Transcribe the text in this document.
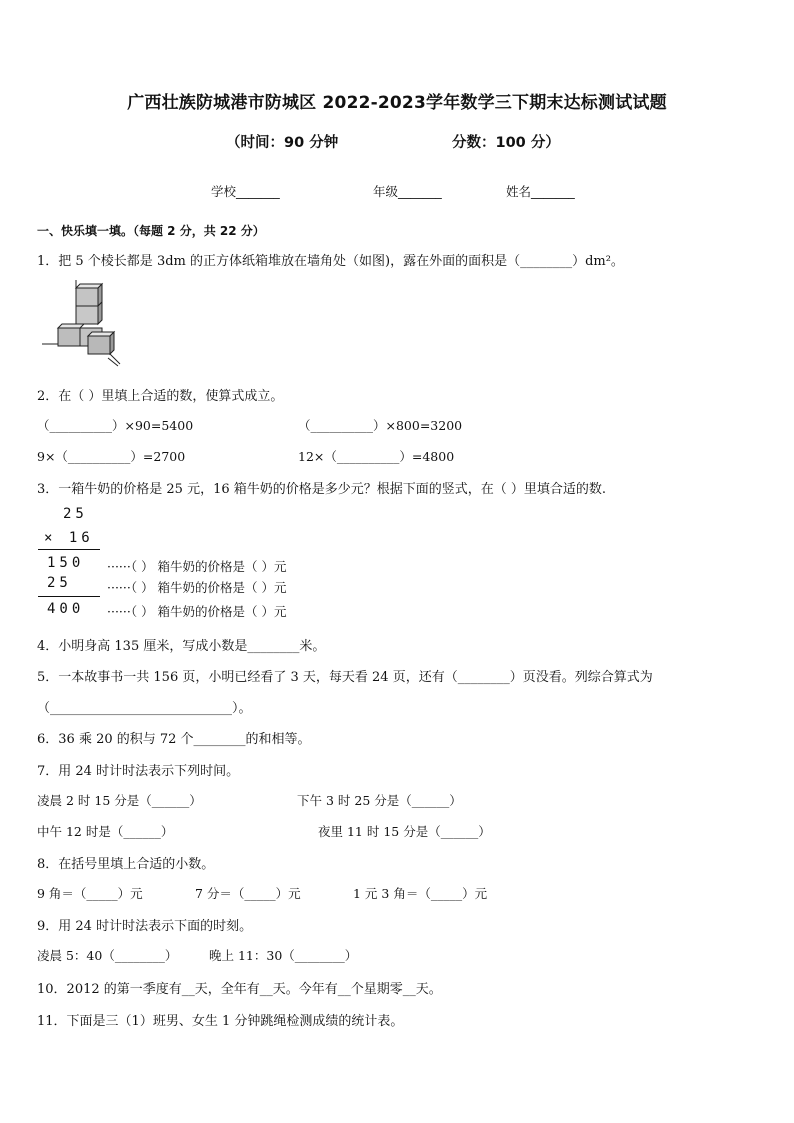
广西壮族防城港市防城区 2022-2023学年数学三下期末达标测试试题
（时间：90 分钟	分数：100 分）
学校_______	年级_______	姓名_______
一、快乐填一填。（每题 2 分，共 22 分）
1．把 5 个棱长都是 3dm 的正方体纸箱堆放在墙角处（如图)，露在外面的面积是（________）dm²。
2．在（ ）里填上合适的数，使算式成立。
（__________）×90=5400	（__________）×800=3200
9×（__________）=2700	12×（__________）=4800
3．一箱牛奶的价格是 25 元，16 箱牛奶的价格是多少元？根据下面的竖式，在（ ）里填合适的数.
25
× 16
150
25
400
······（ ） 箱牛奶的价格是（ ）元
······（ ） 箱牛奶的价格是（ ）元
······（ ） 箱牛奶的价格是（ ）元
4．小明身高 135 厘米，写成小数是________米。
5．一本故事书一共 156 页，小明已经看了 3 天，每天看 24 页，还有（________）页没看。列综合算式为
（____________________________）。
6．36 乘 20 的积与 72 个________的和相等。
7．用 24 时计时法表示下列时间。
凌晨 2 时 15 分是（______）	下午 3 时 25 分是（______）
中午 12 时是（______）	夜里 11 时 15 分是（______）
8．在括号里填上合适的小数。
9 角＝（_____）元	7 分＝（_____）元	1 元 3 角＝（_____）元
9．用 24 时计时法表示下面的时刻。
凌晨 5：40（________）	晚上 11：30（________）
10．2012 的第一季度有__天，全年有__天。今年有__个星期零__天。
11．下面是三（1）班男、女生 1 分钟跳绳检测成绩的统计表。
